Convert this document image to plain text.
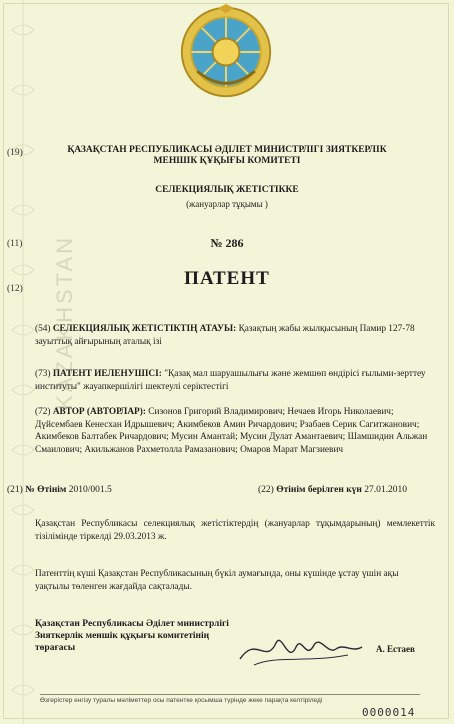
KAZAKHSTAN
(19)	ҚАЗАҚСТАН РЕСПУБЛИКАСЫ ӘДІЛЕТ МИНИСТРЛІГІ ЗИЯТКЕРЛІК МЕНШІК ҚҰҚЫҒЫ КОМИТЕТІ
СЕЛЕКЦИЯЛЫҚ ЖЕТІСТІККЕ
(жануарлар тұқымы )
(11)	№ 286
(12)	ПАТЕНТ
(54) СЕЛЕКЦИЯЛЫҚ ЖЕТІСТІКТІҢ АТАУЫ: Қазақтың жабы жылқысының Памир 127-78 зауыттық айғырының аталық ізі
(73) ПАТЕНТ ИЕЛЕНУШІСІ: "Қазақ мал шаруашылығы және жемшөп өндірісі ғылыми-зерттеу институты" жауапкершілігі шектеулі серіктестігі
(72) АВТОР (АВТОРЛАР): Сизонов Григорий Владимирович; Нечаев Игорь Николаевич; Дүйсембаев Кенесхан Идрышевич; Акимбеков Амин Ричардович; Рзабаев Серик Сагитжанович; Акимбеков Балтабек Ричардович; Мусин Амантай; Мусин Дулат Амантаевич; Шамшидин Альжан Смаилович; Акильжанов Рахметолла Рамазанович; Омаров Марат Магзиевич
(21) № Өтінім 2010/001.5	(22) Өтінім берілген күн 27.01.2010
Қазақстан Республикасы селекциялық жетістіктердің (жануарлар тұқымдарының) мемлекеттік тізілімінде тіркелді 29.03.2013 ж.
Патенттің күші Қазақстан Республикасының бүкіл аумағында, оны күшінде ұстау үшін ақы уақтылы төленген жағдайда сақталады.
Қазақстан Республикасы Әділет министрлігі Зияткерлік меншік құқығы комитетінің төрағасы	А. Естаев
Өзгерістер енгізу туралы мәліметтер осы патентке қосымша түрінде жеке парақта келтіріледі
0000014
